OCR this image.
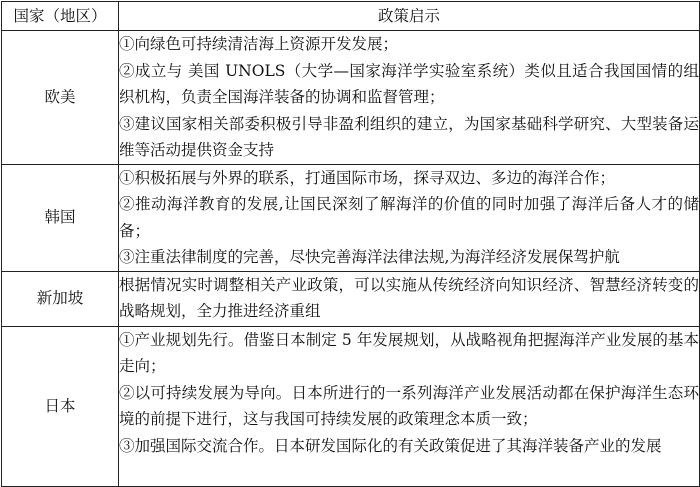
国家（地区）	政策启示
欧美	①向绿色可持续清洁海上资源开发发展；
②成立与 美国 UNOLS（大学—国家海洋学实验室系统）类似且适合我国国情的组织机构，负责全国海洋装备的协调和监督管理；
③建议国家相关部委积极引导非盈利组织的建立，为国家基础科学研究、大型装备运维等活动提供资金支持

韩国	①积极拓展与外界的联系，打通国际市场，探寻双边、多边的海洋合作；
②推动海洋教育的发展,让国民深刻了解海洋的价值的同时加强了海洋后备人才的储备；
③注重法律制度的完善，尽快完善海洋法律法规,为海洋经济发展保驾护航

新加坡	根据情况实时调整相关产业政策，可以实施从传统经济向知识经济、智慧经济转变的战略规划，全力推进经济重组

日本	①产业规划先行。借鉴日本制定 5 年发展规划，从战略视角把握海洋产业发展的基本走向；
②以可持续发展为导向。日本所进行的一系列海洋产业发展活动都在保护海洋生态环境的前提下进行，这与我国可持续发展的政策理念本质一致；
③加强国际交流合作。日本研发国际化的有关政策促进了其海洋装备产业的发展
